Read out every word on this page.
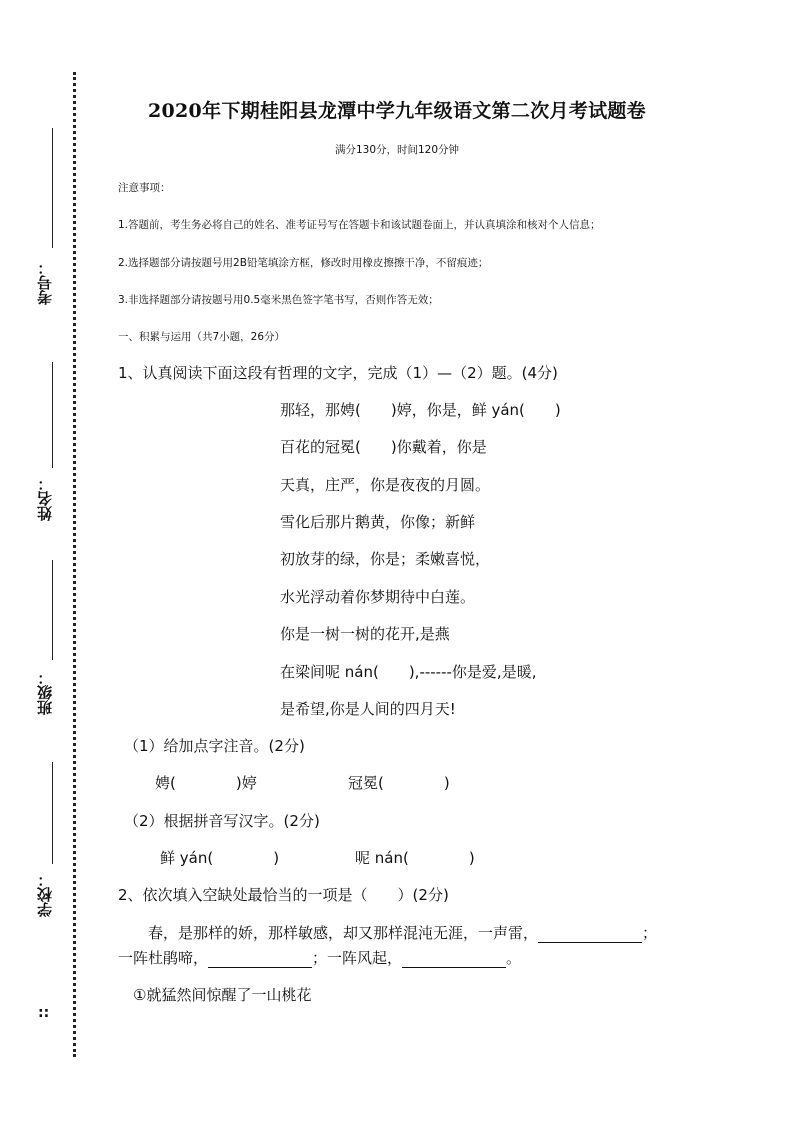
考号：
姓名：
班级：
学校：
::
2020年下期桂阳县龙潭中学九年级语文第二次月考试题卷
满分130分，时间120分钟
注意事项：
1.答题前，考生务必将自己的姓名、准考证号写在答题卡和该试题卷面上，并认真填涂和核对个人信息；
2.选择题部分请按题号用2B铅笔填涂方框，修改时用橡皮擦擦干净，不留痕迹；
3.非选择题部分请按题号用0.5毫米黑色签字笔书写，否则作答无效；
一、积累与运用（共7小题，26分）
1、认真阅读下面这段有哲理的文字，完成（1）—（2）题。(4分)
那轻，那娉(　　)婷，你是，鲜 yán(　　)
百花的冠冕(　　)你戴着，你是
天真，庄严，你是夜夜的月圆。
雪化后那片鹅黄，你像；新鲜
初放芽的绿，你是；柔嫩喜悦，
水光浮动着你梦期待中白莲。
你是一树一树的花开,是燕
在梁间呢 nán(　　),------你是爱,是暖,
是希望,你是人间的四月天!
（1）给加点字注音。(2分)
娉(　　　　)婷	冠冕(　　　　)
（2）根据拼音写汉字。(2分)
鲜 yán(　　　　)	呢 nán(　　　　)
2、依次填入空缺处最恰当的一项是（　　）(2分)
春，是那样的娇，那样敏感，却又那样混沌无涯，一声雷，	；
一阵杜鹃啼，	；一阵风起，	。
①就猛然间惊醒了一山桃花
